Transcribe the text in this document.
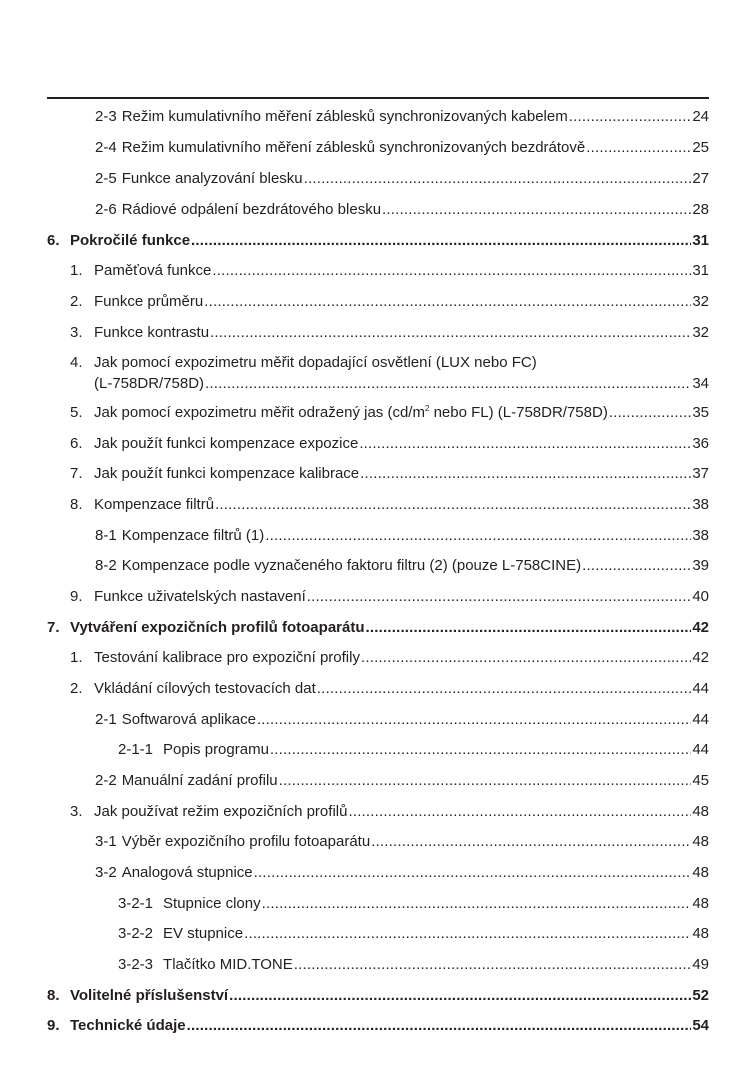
2-3 Režim kumulativního měření záblesků synchronizovaných kabelem .....	24
2-4 Režim kumulativního měření záblesků synchronizovaných bezdrátově .....	25
2-5 Funkce analyzování blesku .....	27
2-6 Rádiové odpálení bezdrátového blesku .....	28
6. Pokročilé funkce .....	31
1. Paměťová funkce .....	31
2. Funkce průměru .....	32
3. Funkce kontrastu .....	32
4. Jak pomocí expozimetru měřit dopadající osvětlení (LUX nebo FC)
(L-758DR/758D) .....	34
5. Jak pomocí expozimetru měřit odražený jas ($cd/m^2$ nebo FL) (L-758DR/758D) .....	35
6. Jak použít funkci kompenzace expozice .....	36
7. Jak použít funkci kompenzace kalibrace .....	37
8. Kompenzace filtrů .....	38
8-1 Kompenzace filtrů (1) .....	38
8-2 Kompenzace podle vyznačeného faktoru filtru (2) (pouze L-758CINE) .....	39
9. Funkce uživatelských nastavení .....	40
7. Vytváření expozičních profilů fotoaparátu .....	42
1. Testování kalibrace pro expoziční profily .....	42
2. Vkládání cílových testovacích dat .....	44
2-1 Softwarová aplikace .....	44
2-1-1 Popis programu .....	44
2-2 Manuální zadání profilu .....	45
3. Jak používat režim expozičních profilů .....	48
3-1 Výběr expozičního profilu fotoaparátu .....	48
3-2 Analogová stupnice .....	48
3-2-1 Stupnice clony .....	48
3-2-2 EV stupnice .....	48
3-2-3 Tlačítko MID.TONE .....	49
8. Volitelné příslušenství .....	52
9. Technické údaje .....	54
